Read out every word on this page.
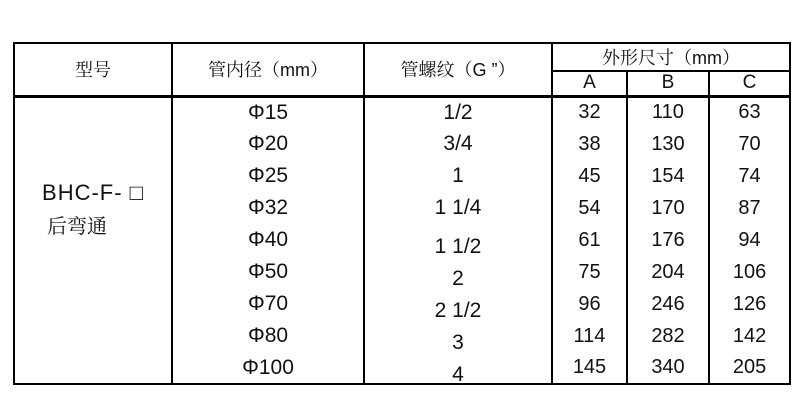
型号	管内径（mm）	管螺纹（G ”）	外形尺寸（mm）		
			A	B	C

BHC-F- □
后弯通	Φ15	1/2	32	110	63
	Φ20	3/4	38	130	70
	Φ25	1	45	154	74
	Φ32	1 1/4	54	170	87
	Φ40	1 1/2	61	176	94
	Φ50	2	75	204	106
	Φ70	2 1/2	96	246	126
	Φ80	3	114	282	142
	Φ100	4	145	340	205
